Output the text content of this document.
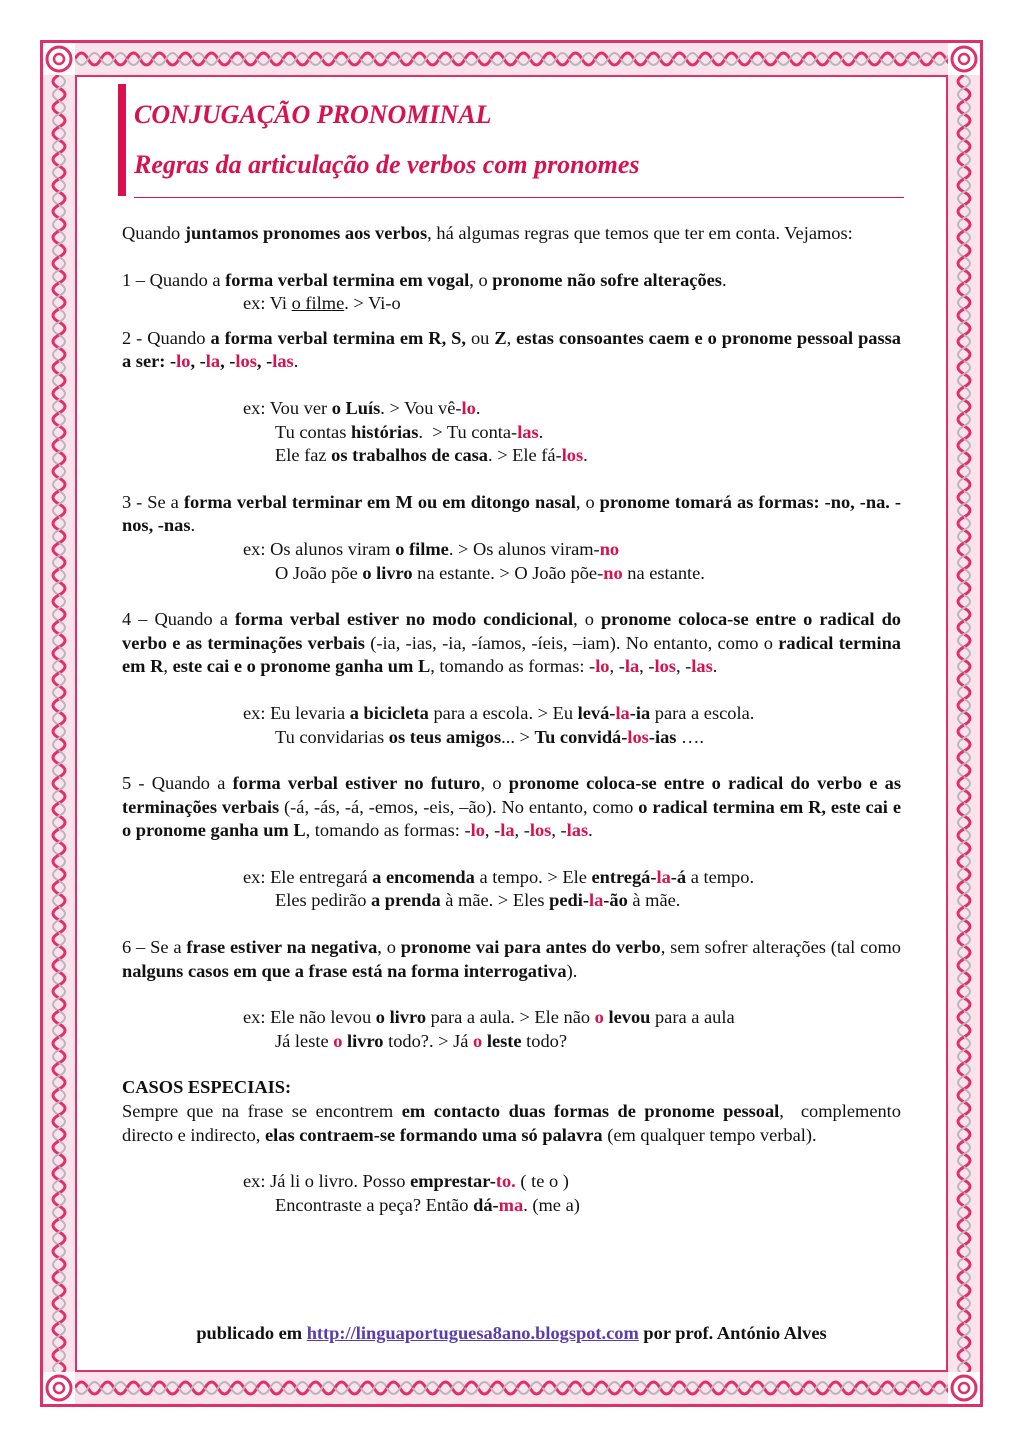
CONJUGAÇÃO PRONOMINAL
Regras da articulação de verbos com pronomes

Quando juntamos pronomes aos verbos, há algumas regras que temos que ter em conta. Vejamos:

1 – Quando a forma verbal termina em vogal, o pronome não sofre alterações.

ex: Vi o filme. > Vi-o

2 - Quando a forma verbal termina em R, S, ou Z, estas consoantes caem e o pronome pessoal passa a ser: -lo, -la, -los, -las.

ex: Vou ver o Luís. > Vou vê-lo.

Tu contas histórias.  > Tu conta-las.

Ele faz os trabalhos de casa. > Ele fá-los.

3 - Se a forma verbal terminar em M ou em ditongo nasal, o pronome tomará as formas: -no, -na. -nos, -nas.

ex: Os alunos viram o filme. > Os alunos viram-no

O João põe o livro na estante. > O João põe-no na estante.

4 – Quando a forma verbal estiver no modo condicional, o pronome coloca-se entre o radical do verbo e as terminações verbais (-ia, -ias, -ia, -íamos, -íeis, –iam). No entanto, como o radical termina em R, este cai e o pronome ganha um L, tomando as formas: -lo, -la, -los, -las.

ex: Eu levaria a bicicleta para a escola. > Eu levá-la-ia para a escola.

Tu convidarias os teus amigos... > Tu convidá-los-ias ….

5 - Quando a forma verbal estiver no futuro, o pronome coloca-se entre o radical do verbo e as terminações verbais (-á, -ás, -á, -emos, -eis, –ão). No entanto, como o radical termina em R, este cai e o pronome ganha um L, tomando as formas: -lo, -la, -los, -las.

ex: Ele entregará a encomenda a tempo. > Ele entregá-la-á a tempo.

Eles pedirão a prenda à mãe. > Eles pedi-la-ão à mãe.

6 – Se a frase estiver na negativa, o pronome vai para antes do verbo, sem sofrer alterações (tal como nalguns casos em que a frase está na forma interrogativa).

ex: Ele não levou o livro para a aula. > Ele não o levou para a aula

Já leste o livro todo?. > Já o leste todo?

CASOS ESPECIAIS:

Sempre que na frase se encontrem em contacto duas formas de pronome pessoal,  complemento directo e indirecto, elas contraem-se formando uma só palavra (em qualquer tempo verbal).

ex: Já li o livro. Posso emprestar-to. ( te o )

Encontraste a peça? Então dá-ma. (me a)

publicado em http://linguaportuguesa8ano.blogspot.com por prof. António Alves
